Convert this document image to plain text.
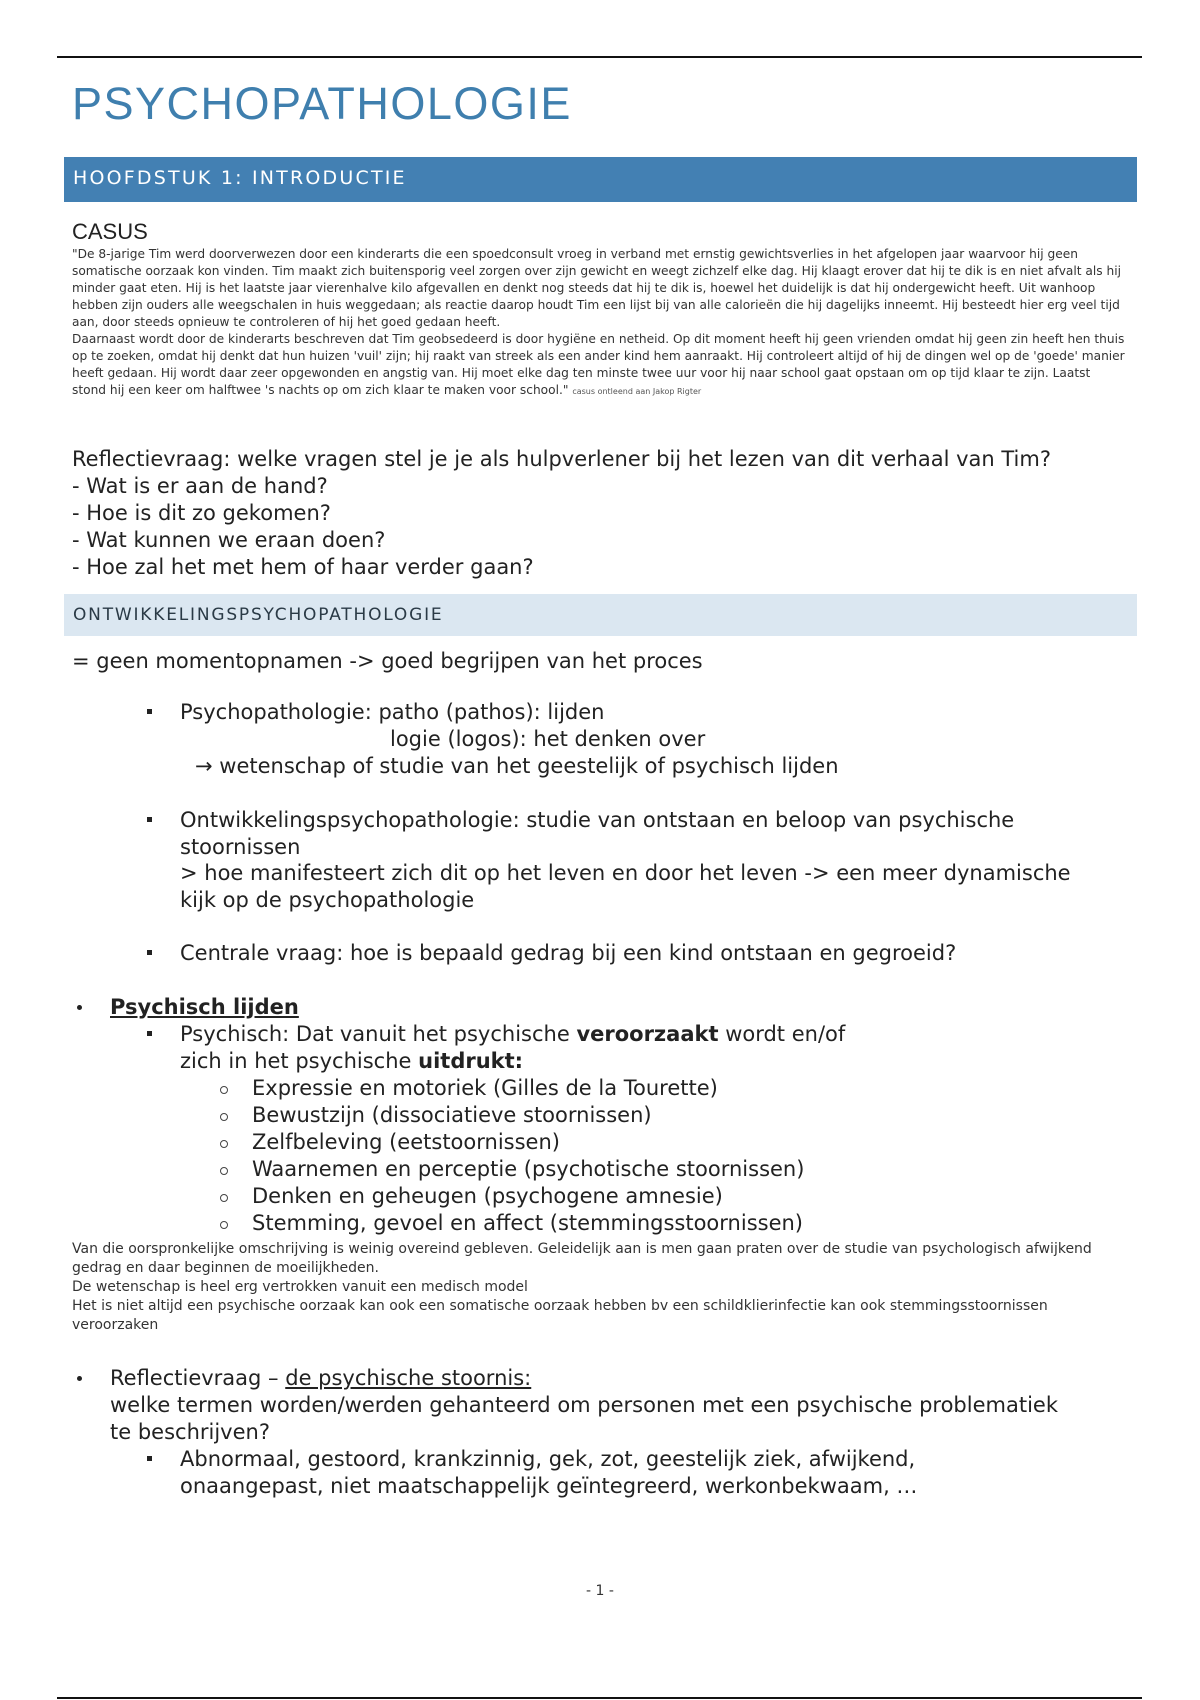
PSYCHOPATHOLOGIE
HOOFDSTUK 1: INTRODUCTIE
CASUS

"De 8-jarige Tim werd doorverwezen door een kinderarts die een spoedconsult vroeg in verband met ernstig gewichtsverlies in het afgelopen jaar waarvoor hij geen somatische oorzaak kon vinden. Tim maakt zich buitensporig veel zorgen over zijn gewicht en weegt zichzelf elke dag. Hij klaagt erover dat hij te dik is en niet afvalt als hij minder gaat eten. Hij is het laatste jaar vierenhalve kilo afgevallen en denkt nog steeds dat hij te dik is, hoewel het duidelijk is dat hij ondergewicht heeft. Uit wanhoop hebben zijn ouders alle weegschalen in huis weggedaan; als reactie daarop houdt Tim een lijst bij van alle calorieën die hij dagelijks inneemt. Hij besteedt hier erg veel tijd aan, door steeds opnieuw te controleren of hij het goed gedaan heeft.

Daarnaast wordt door de kinderarts beschreven dat Tim geobsedeerd is door hygiëne en netheid. Op dit moment heeft hij geen vrienden omdat hij geen zin heeft hen thuis op te zoeken, omdat hij denkt dat hun huizen 'vuil' zijn; hij raakt van streek als een ander kind hem aanraakt. Hij controleert altijd of hij de dingen wel op de 'goede' manier heeft gedaan. Hij wordt daar zeer opgewonden en angstig van. Hij moet elke dag ten minste twee uur voor hij naar school gaat opstaan om op tijd klaar te zijn. Laatst stond hij een keer om halftwee 's nachts op om zich klaar te maken voor school." casus ontleend aan Jakop Rigter

Reflectievraag: welke vragen stel je je als hulpverlener bij het lezen van dit verhaal van Tim?
- Wat is er aan de hand?
- Hoe is dit zo gekomen?
- Wat kunnen we eraan doen?
- Hoe zal het met hem of haar verder gaan?
ONTWIKKELINGSPSYCHOPATHOLOGIE
= geen momentopnamen -> goed begrijpen van het proces
Psychopathologie: patho (pathos): lijden
logie (logos): het denken over
→ wetenschap of studie van het geestelijk of psychisch lijden
Ontwikkelingspsychopathologie: studie van ontstaan en beloop van psychische
stoornissen
> hoe manifesteert zich dit op het leven en door het leven -> een meer dynamische
kijk op de psychopathologie
Centrale vraag: hoe is bepaald gedrag bij een kind ontstaan en gegroeid?
Psychisch lijden
Psychisch: Dat vanuit het psychische veroorzaakt wordt en/of
zich in het psychische uitdrukt:
Expressie en motoriek (Gilles de la Tourette)
Bewustzijn (dissociatieve stoornissen)
Zelfbeleving (eetstoornissen)
Waarnemen en perceptie (psychotische stoornissen)
Denken en geheugen (psychogene amnesie)
Stemming, gevoel en affect (stemmingsstoornissen)
Van die oorspronkelijke omschrijving is weinig overeind gebleven. Geleidelijk aan is men gaan praten over de studie van psychologisch afwijkend gedrag en daar beginnen de moeilijkheden.
De wetenschap is heel erg vertrokken vanuit een medisch model
Het is niet altijd een psychische oorzaak kan ook een somatische oorzaak hebben bv een schildklierinfectie kan ook stemmingsstoornissen veroorzaken
Reflectievraag – de psychische stoornis:
welke termen worden/werden gehanteerd om personen met een psychische problematiek
te beschrijven?
Abnormaal, gestoord, krankzinnig, gek, zot, geestelijk ziek, afwijkend,
onaangepast, niet maatschappelijk geïntegreerd, werkonbekwaam, …
- 1 -
